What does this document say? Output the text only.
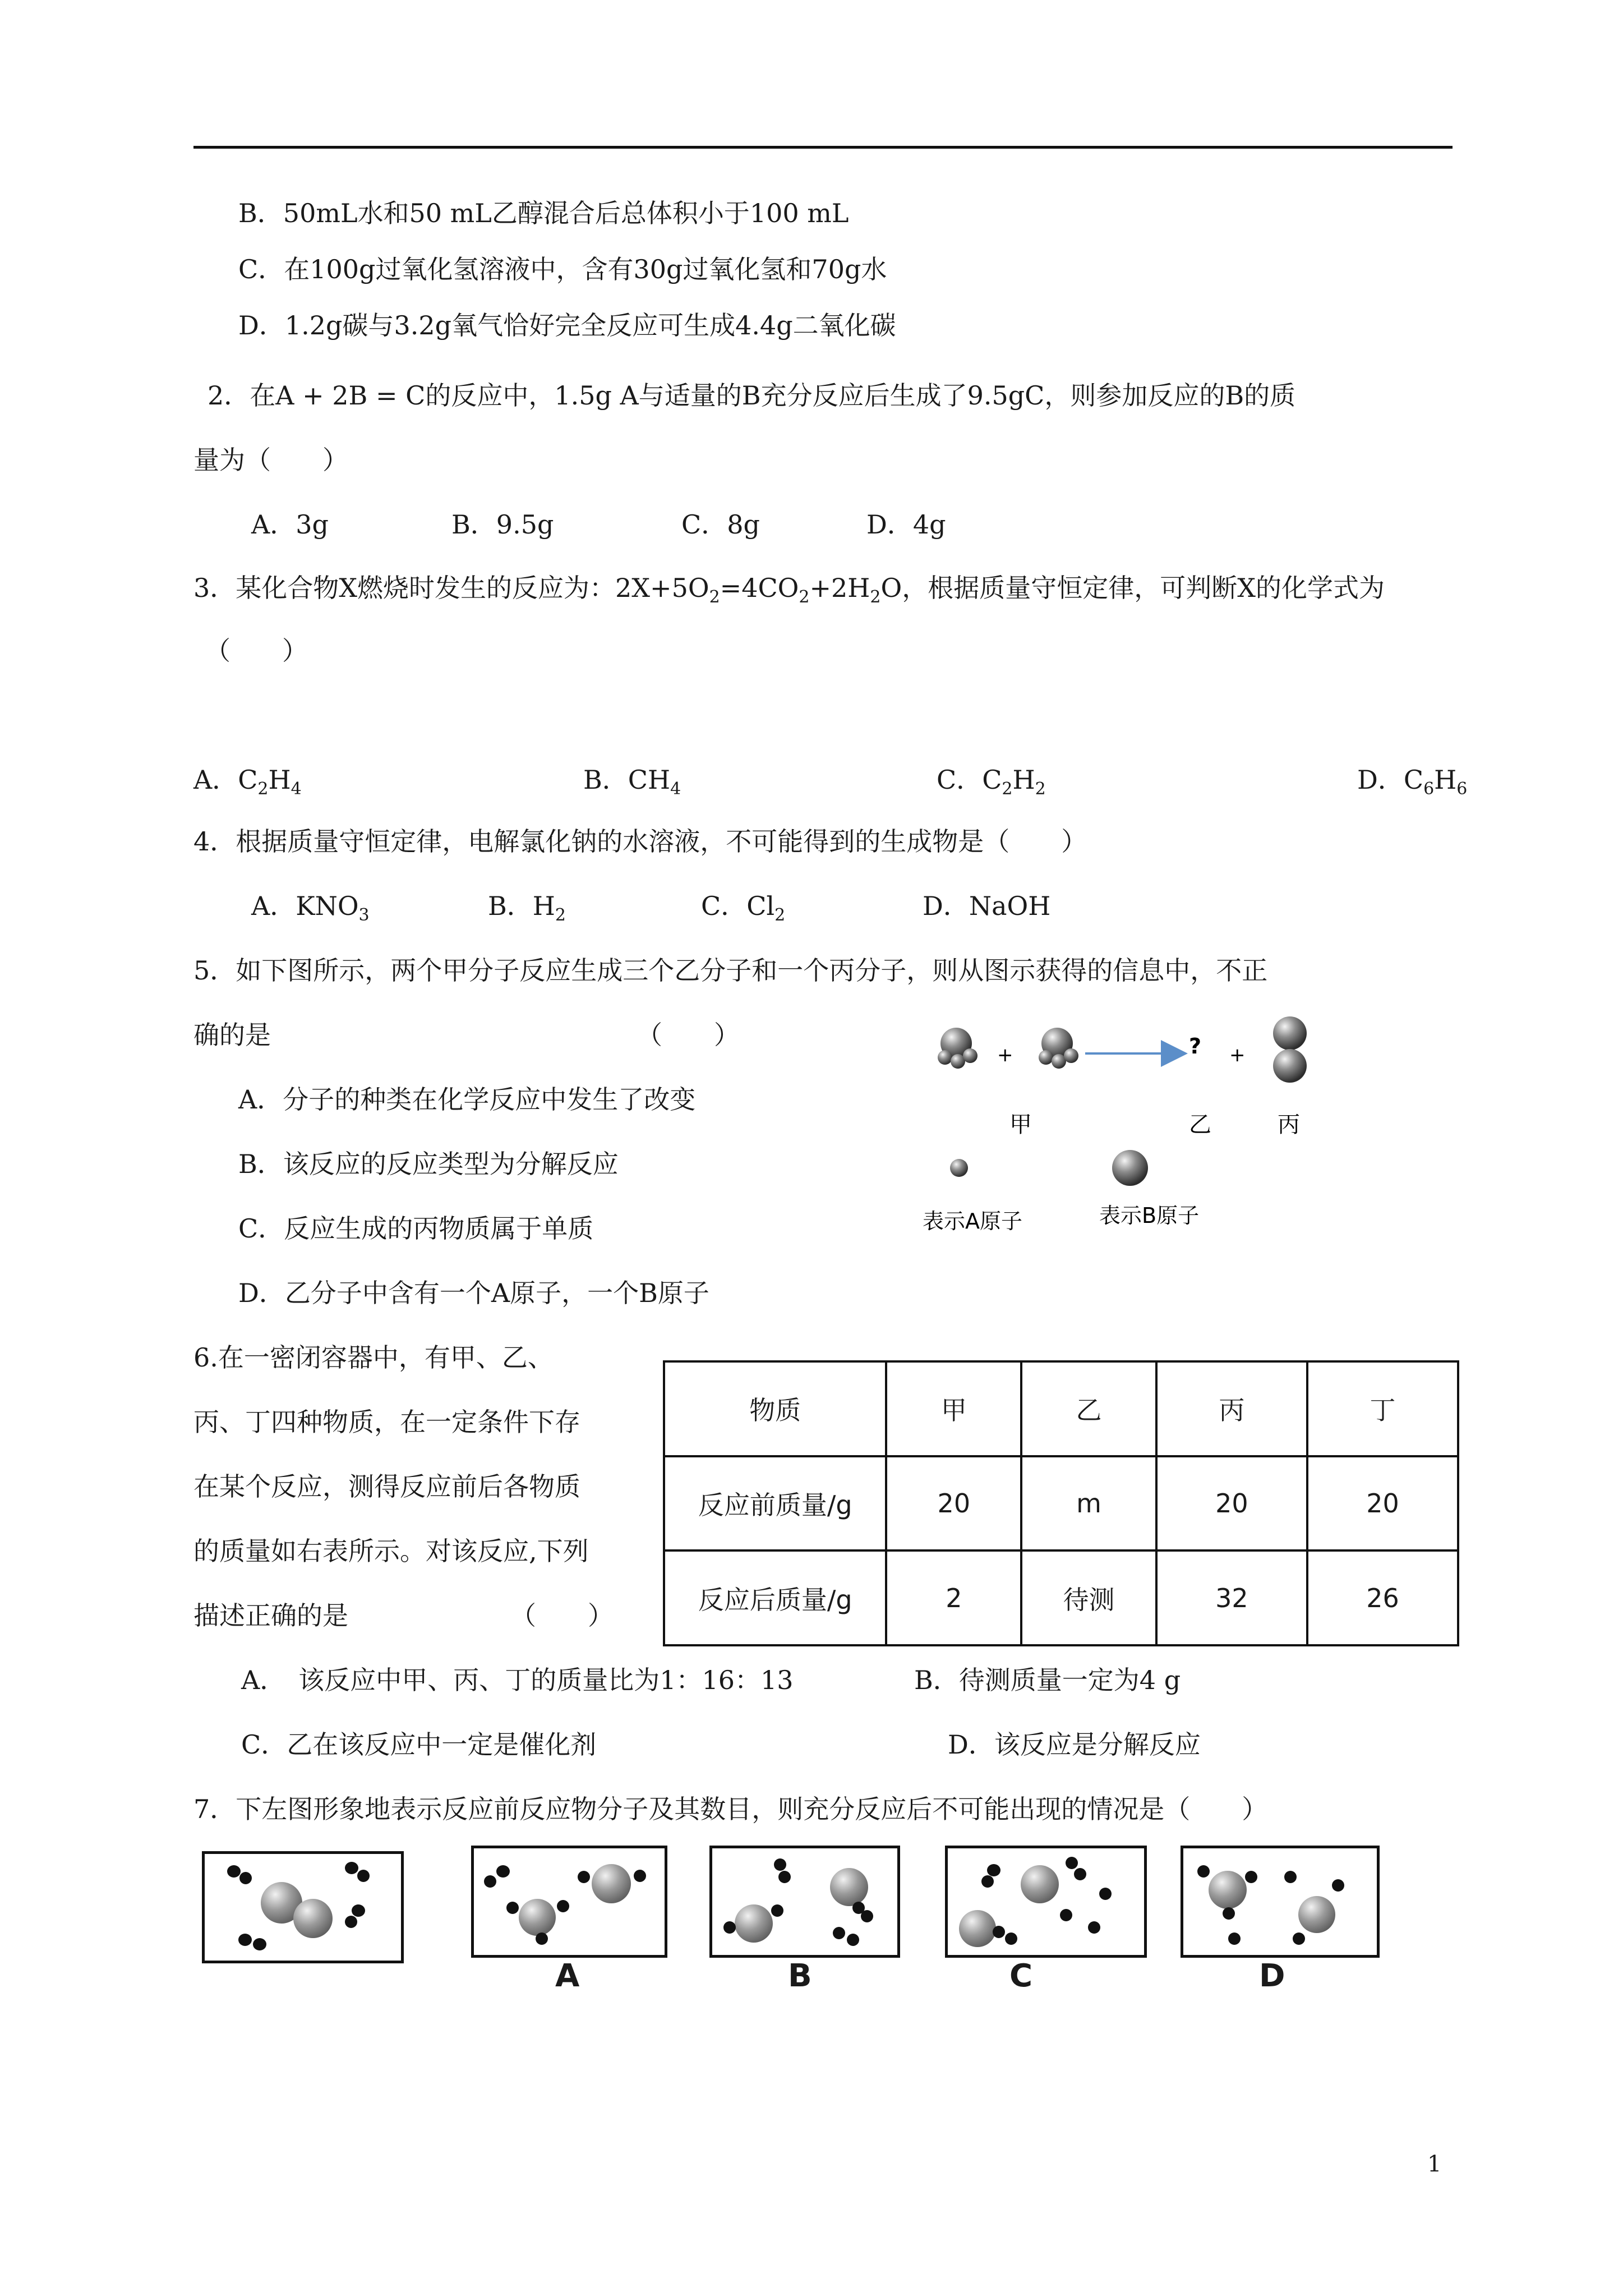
B．50mL水和50 mL乙醇混合后总体积小于100 mL
C．在100g过氧化氢溶液中，含有30g过氧化氢和70g水
D．1.2g碳与3.2g氧气恰好完全反应可生成4.4g二氧化碳
2．在A + 2B = C的反应中，1.5g A与适量的B充分反应后生成了9.5gC，则参加反应的B的质
量为（　　）
A．3g	B．9.5g	C．8g	D．4g
3．某化合物X燃烧时发生的反应为：$2X+5O_2=4CO_2+2H_2O$，根据质量守恒定律，可判断X的化学式为
（　　）
A．$C_2H_4$	B．$CH_4$	C．$C_2H_2$	D．$C_6H_6$
4．根据质量守恒定律，电解氯化钠的水溶液，不可能得到的生成物是（　　）
A．$KNO_3$	B．$H_2$	C．$Cl_2$	D．NaOH
5．如下图所示，两个甲分子反应生成三个乙分子和一个丙分子，则从图示获得的信息中，不正
确的是	（　　）
A．分子的种类在化学反应中发生了改变
B．该反应的反应类型为分解反应
C．反应生成的丙物质属于单质
D．乙分子中含有一个A原子，一个B原子
+	? +
甲	乙	丙
表示A原子	表示B原子
6.在一密闭容器中，有甲、乙、
丙、丁四种物质，在一定条件下存
在某个反应，测得反应前后各物质
的质量如右表所示。对该反应,下列
描述正确的是	（　　）
物质	甲	乙	丙	丁
反应前质量/g	20	m	20	20
反应后质量/g	2	待测	32	26
A．　该反应中甲、丙、丁的质量比为1：16：13	B．待测质量一定为4 g
C．乙在该反应中一定是催化剂	D．该反应是分解反应
7．下左图形象地表示反应前反应物分子及其数目，则充分反应后不可能出现的情况是（　　）
A	B	C	D
1
